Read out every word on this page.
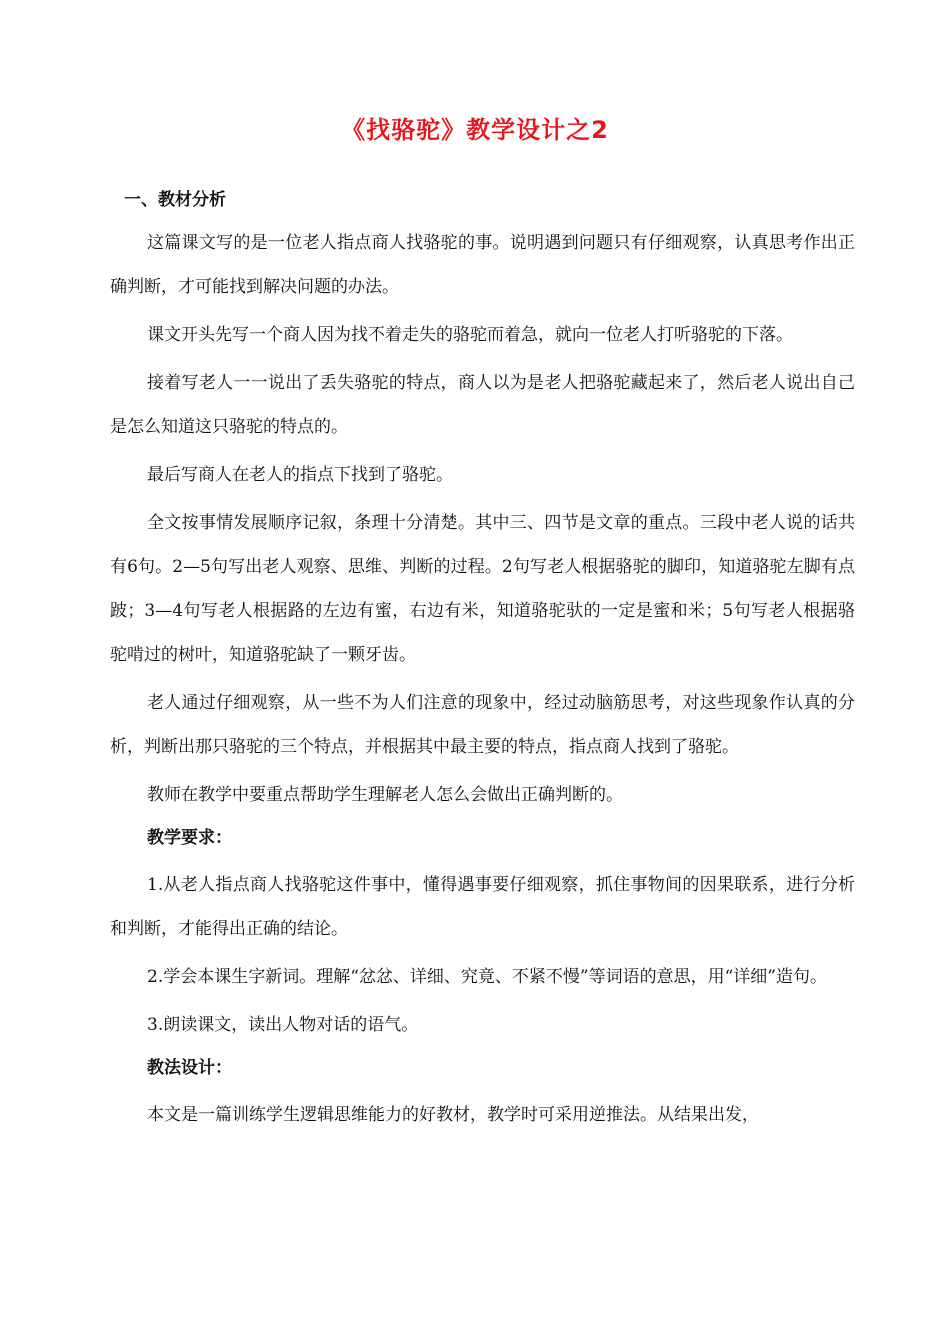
《找骆驼》教学设计之2
一、教材分析

这篇课文写的是一位老人指点商人找骆驼的事。说明遇到问题只有仔细观察，认真思考作出正确判断，才可能找到解决问题的办法。

课文开头先写一个商人因为找不着走失的骆驼而着急，就向一位老人打听骆驼的下落。

接着写老人一一说出了丢失骆驼的特点，商人以为是老人把骆驼藏起来了，然后老人说出自己是怎么知道这只骆驼的特点的。

最后写商人在老人的指点下找到了骆驼。

全文按事情发展顺序记叙，条理十分清楚。其中三、四节是文章的重点。三段中老人说的话共有6句。2—5句写出老人观察、思维、判断的过程。2句写老人根据骆驼的脚印，知道骆驼左脚有点跛；3—4句写老人根据路的左边有蜜，右边有米，知道骆驼驮的一定是蜜和米；5句写老人根据骆驼啃过的树叶，知道骆驼缺了一颗牙齿。

老人通过仔细观察，从一些不为人们注意的现象中，经过动脑筋思考，对这些现象作认真的分析，判断出那只骆驼的三个特点，并根据其中最主要的特点，指点商人找到了骆驼。

教师在教学中要重点帮助学生理解老人怎么会做出正确判断的。

教学要求：

1.从老人指点商人找骆驼这件事中，懂得遇事要仔细观察，抓住事物间的因果联系，进行分析和判断，才能得出正确的结论。

2.学会本课生字新词。理解“忿忿、详细、究竟、不紧不慢”等词语的意思，用“详细”造句。

3.朗读课文，读出人物对话的语气。

教法设计：

本文是一篇训练学生逻辑思维能力的好教材，教学时可采用逆推法。从结果出发，
